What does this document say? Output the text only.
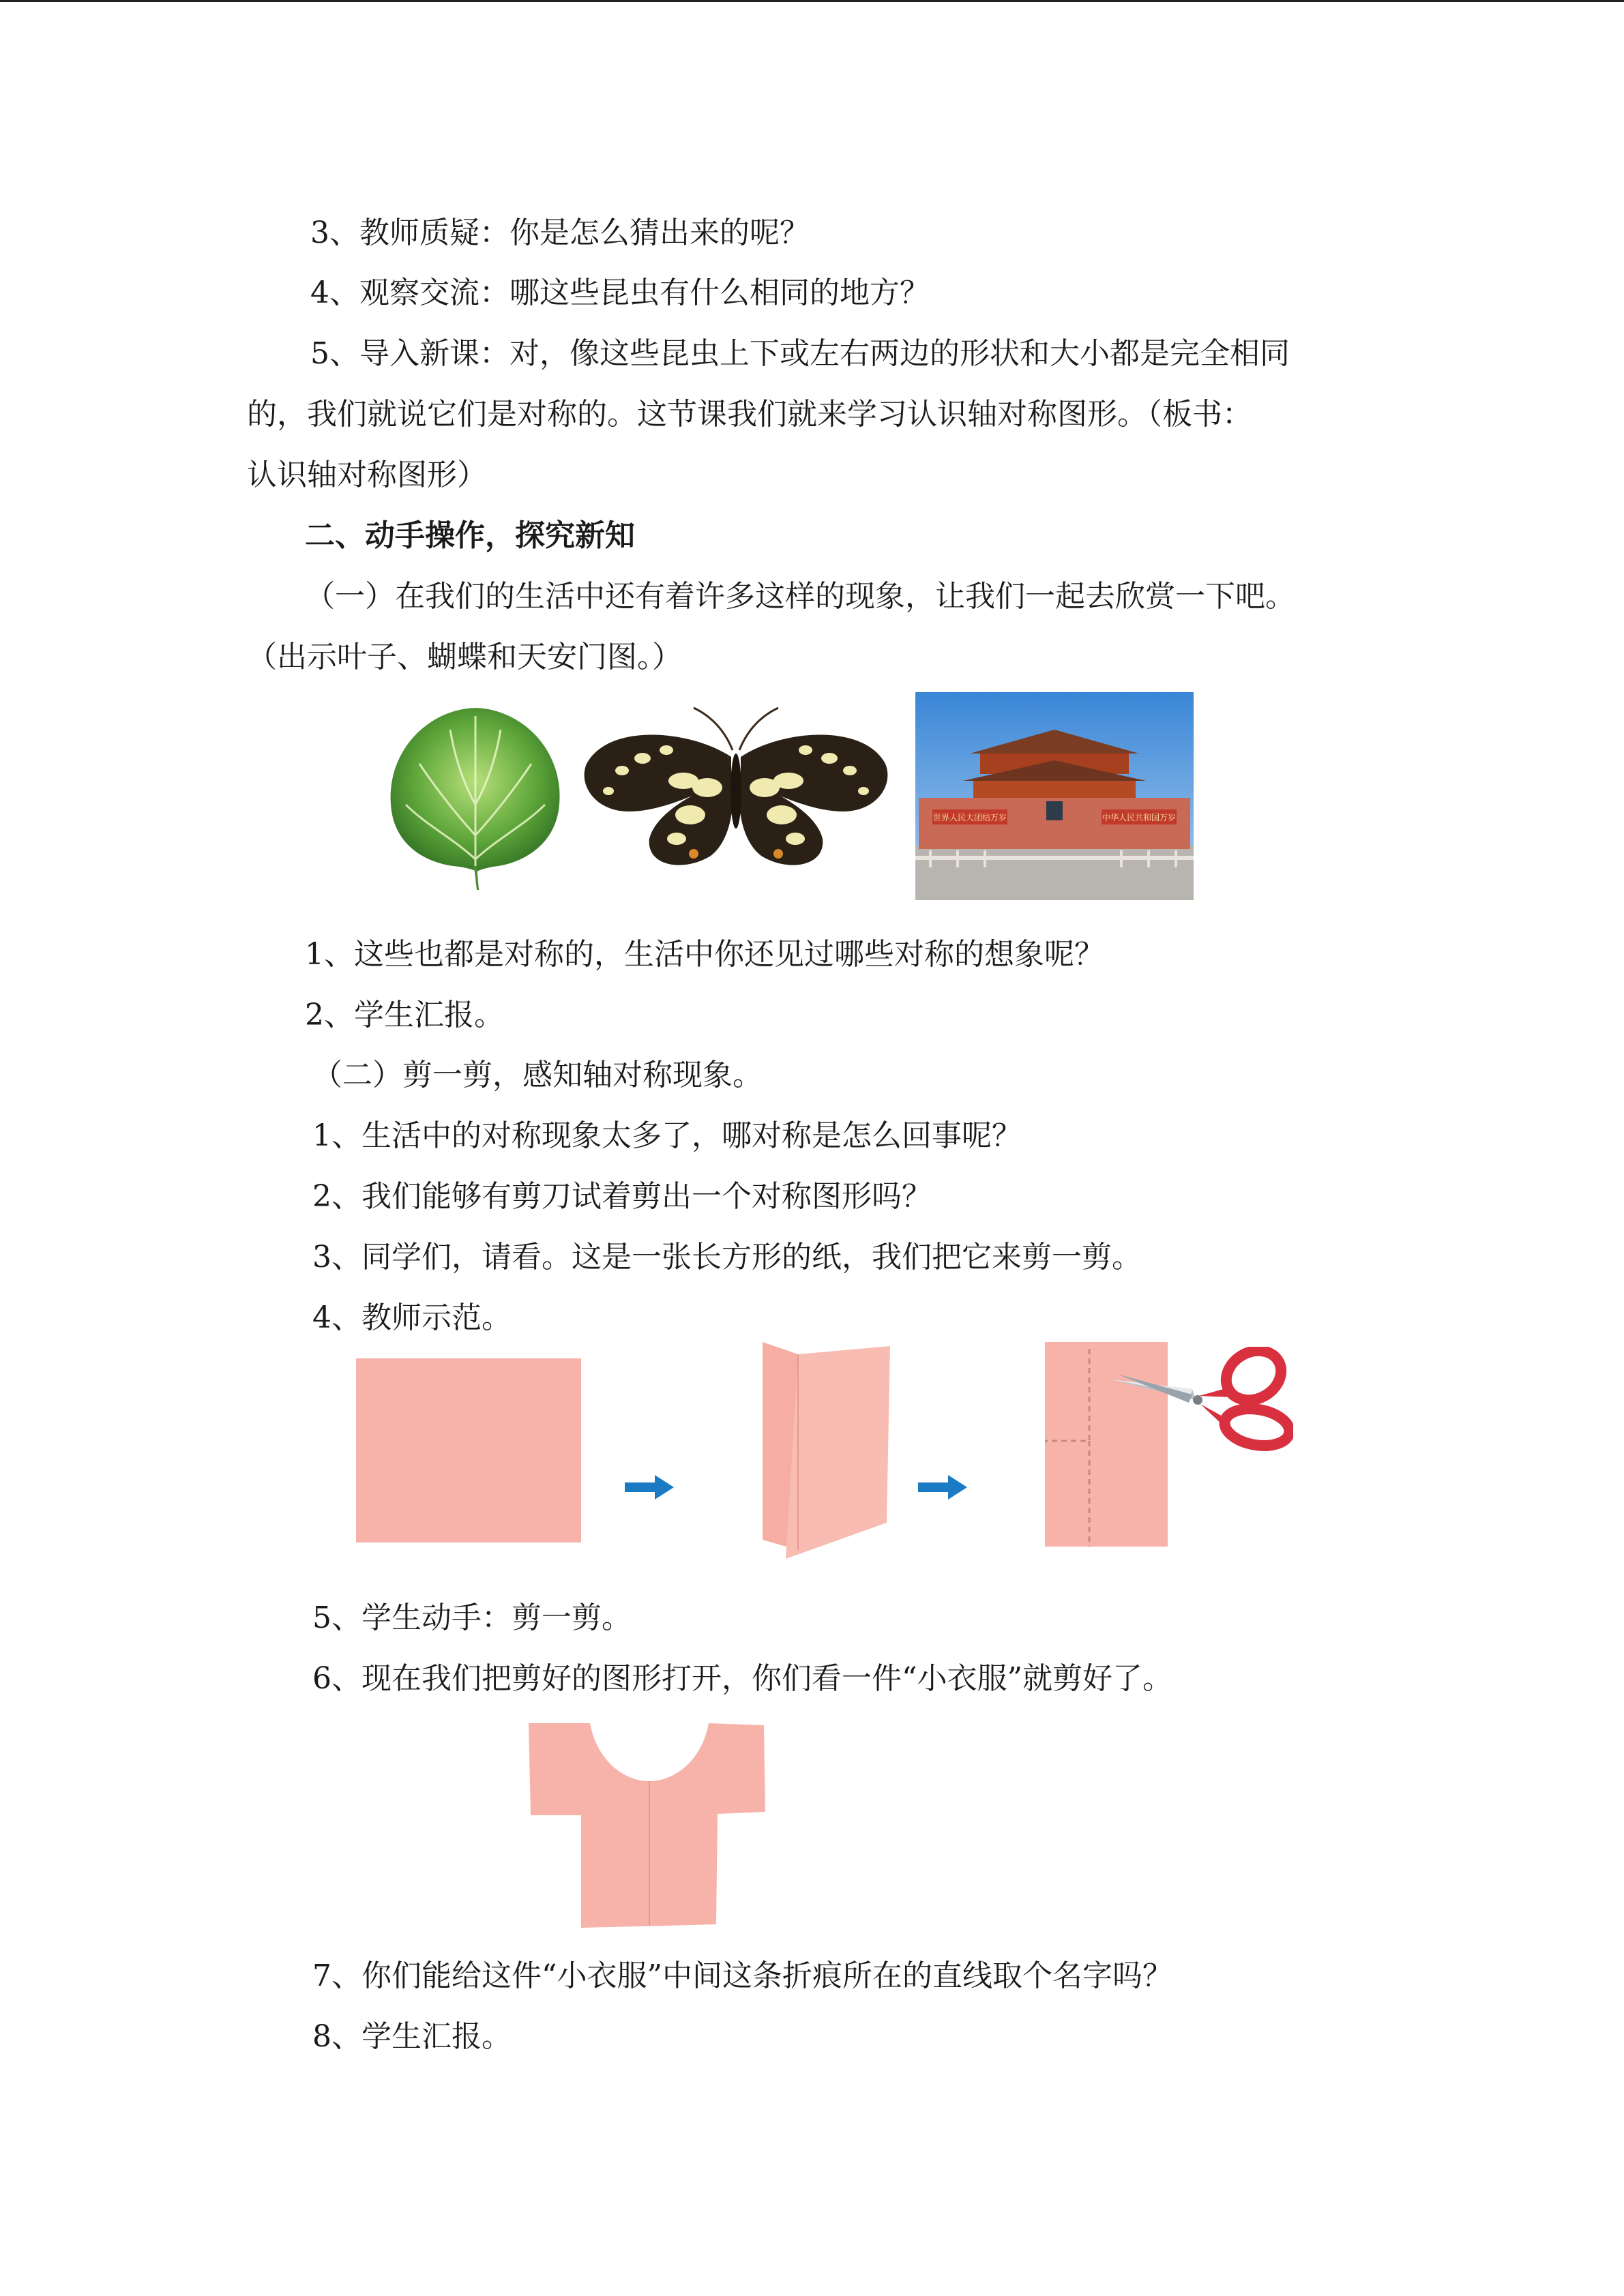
3、教师质疑：你是怎么猜出来的呢？
4、观察交流：哪这些昆虫有什么相同的地方？
5、导入新课：对，像这些昆虫上下或左右两边的形状和大小都是完全相同
的，我们就说它们是对称的。这节课我们就来学习认识轴对称图形。（板书：
认识轴对称图形）
二、动手操作，探究新知
（一）在我们的生活中还有着许多这样的现象，让我们一起去欣赏一下吧。
（出示叶子、蝴蝶和天安门图。）
世界人民大团结万岁	中华人民共和国万岁
1、这些也都是对称的，生活中你还见过哪些对称的想象呢？
2、学生汇报。
（二）剪一剪，感知轴对称现象。
1、生活中的对称现象太多了，哪对称是怎么回事呢？
2、我们能够有剪刀试着剪出一个对称图形吗？
3、同学们，请看。这是一张长方形的纸，我们把它来剪一剪。
4、教师示范。
5、学生动手：剪一剪。
6、现在我们把剪好的图形打开，你们看一件“小衣服”就剪好了。
7、你们能给这件“小衣服”中间这条折痕所在的直线取个名字吗？
8、学生汇报。
